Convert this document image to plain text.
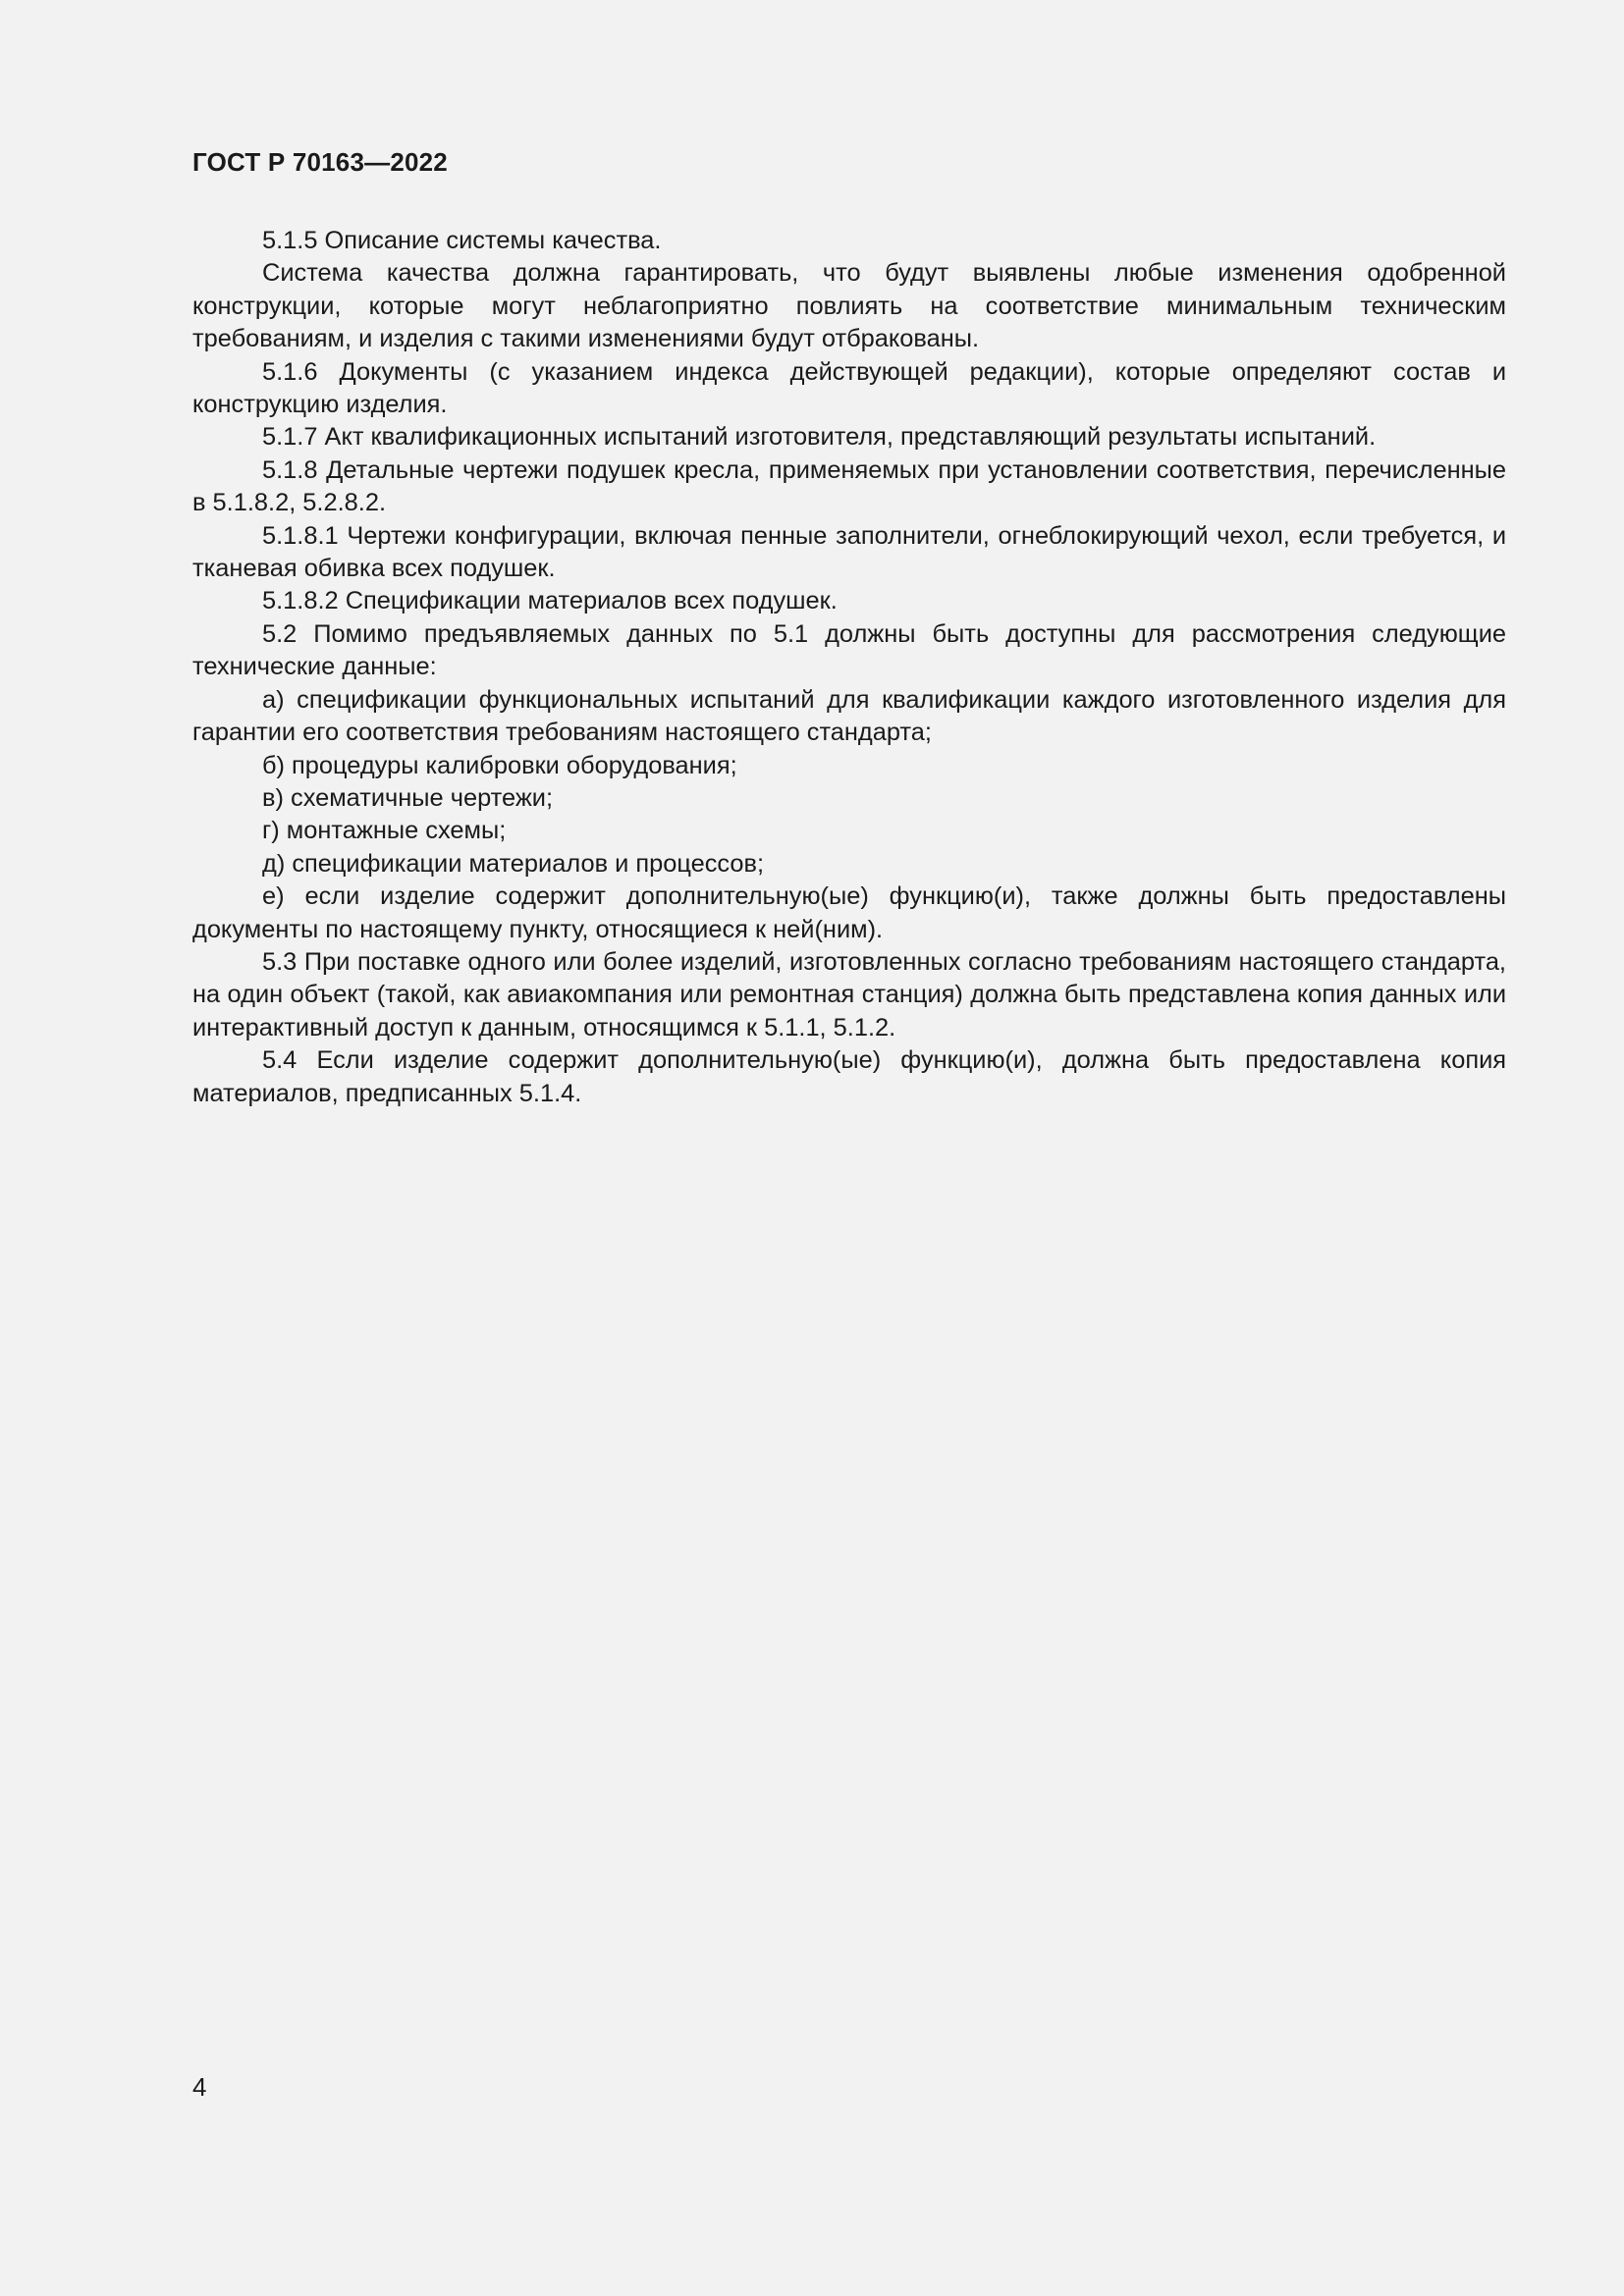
ГОСТ Р 70163—2022

5.1.5 Описание системы качества.

Система качества должна гарантировать, что будут выявлены любые изменения одобренной конструкции, которые могут неблагоприятно повлиять на соответствие минимальным техническим требованиям, и изделия с такими изменениями будут отбракованы.

5.1.6 Документы (с указанием индекса действующей редакции), которые определяют состав и конструкцию изделия.

5.1.7 Акт квалификационных испытаний изготовителя, представляющий результаты испытаний.

5.1.8 Детальные чертежи подушек кресла, применяемых при установлении соответствия, перечисленные в 5.1.8.2, 5.2.8.2.

5.1.8.1 Чертежи конфигурации, включая пенные заполнители, огнеблокирующий чехол, если требуется, и тканевая обивка всех подушек.

5.1.8.2 Спецификации материалов всех подушек.

5.2 Помимо предъявляемых данных по 5.1 должны быть доступны для рассмотрения следующие технические данные:

а) спецификации функциональных испытаний для квалификации каждого изготовленного изделия для гарантии его соответствия требованиям настоящего стандарта;

б) процедуры калибровки оборудования;

в) схематичные чертежи;

г) монтажные схемы;

д) спецификации материалов и процессов;

е) если изделие содержит дополнительную(ые) функцию(и), также должны быть предоставлены документы по настоящему пункту, относящиеся к ней(ним).

5.3 При поставке одного или более изделий, изготовленных согласно требованиям настоящего стандарта, на один объект (такой, как авиакомпания или ремонтная станция) должна быть представлена копия данных или интерактивный доступ к данным, относящимся к 5.1.1, 5.1.2.

5.4 Если изделие содержит дополнительную(ые) функцию(и), должна быть предоставлена копия материалов, предписанных 5.1.4.

4
